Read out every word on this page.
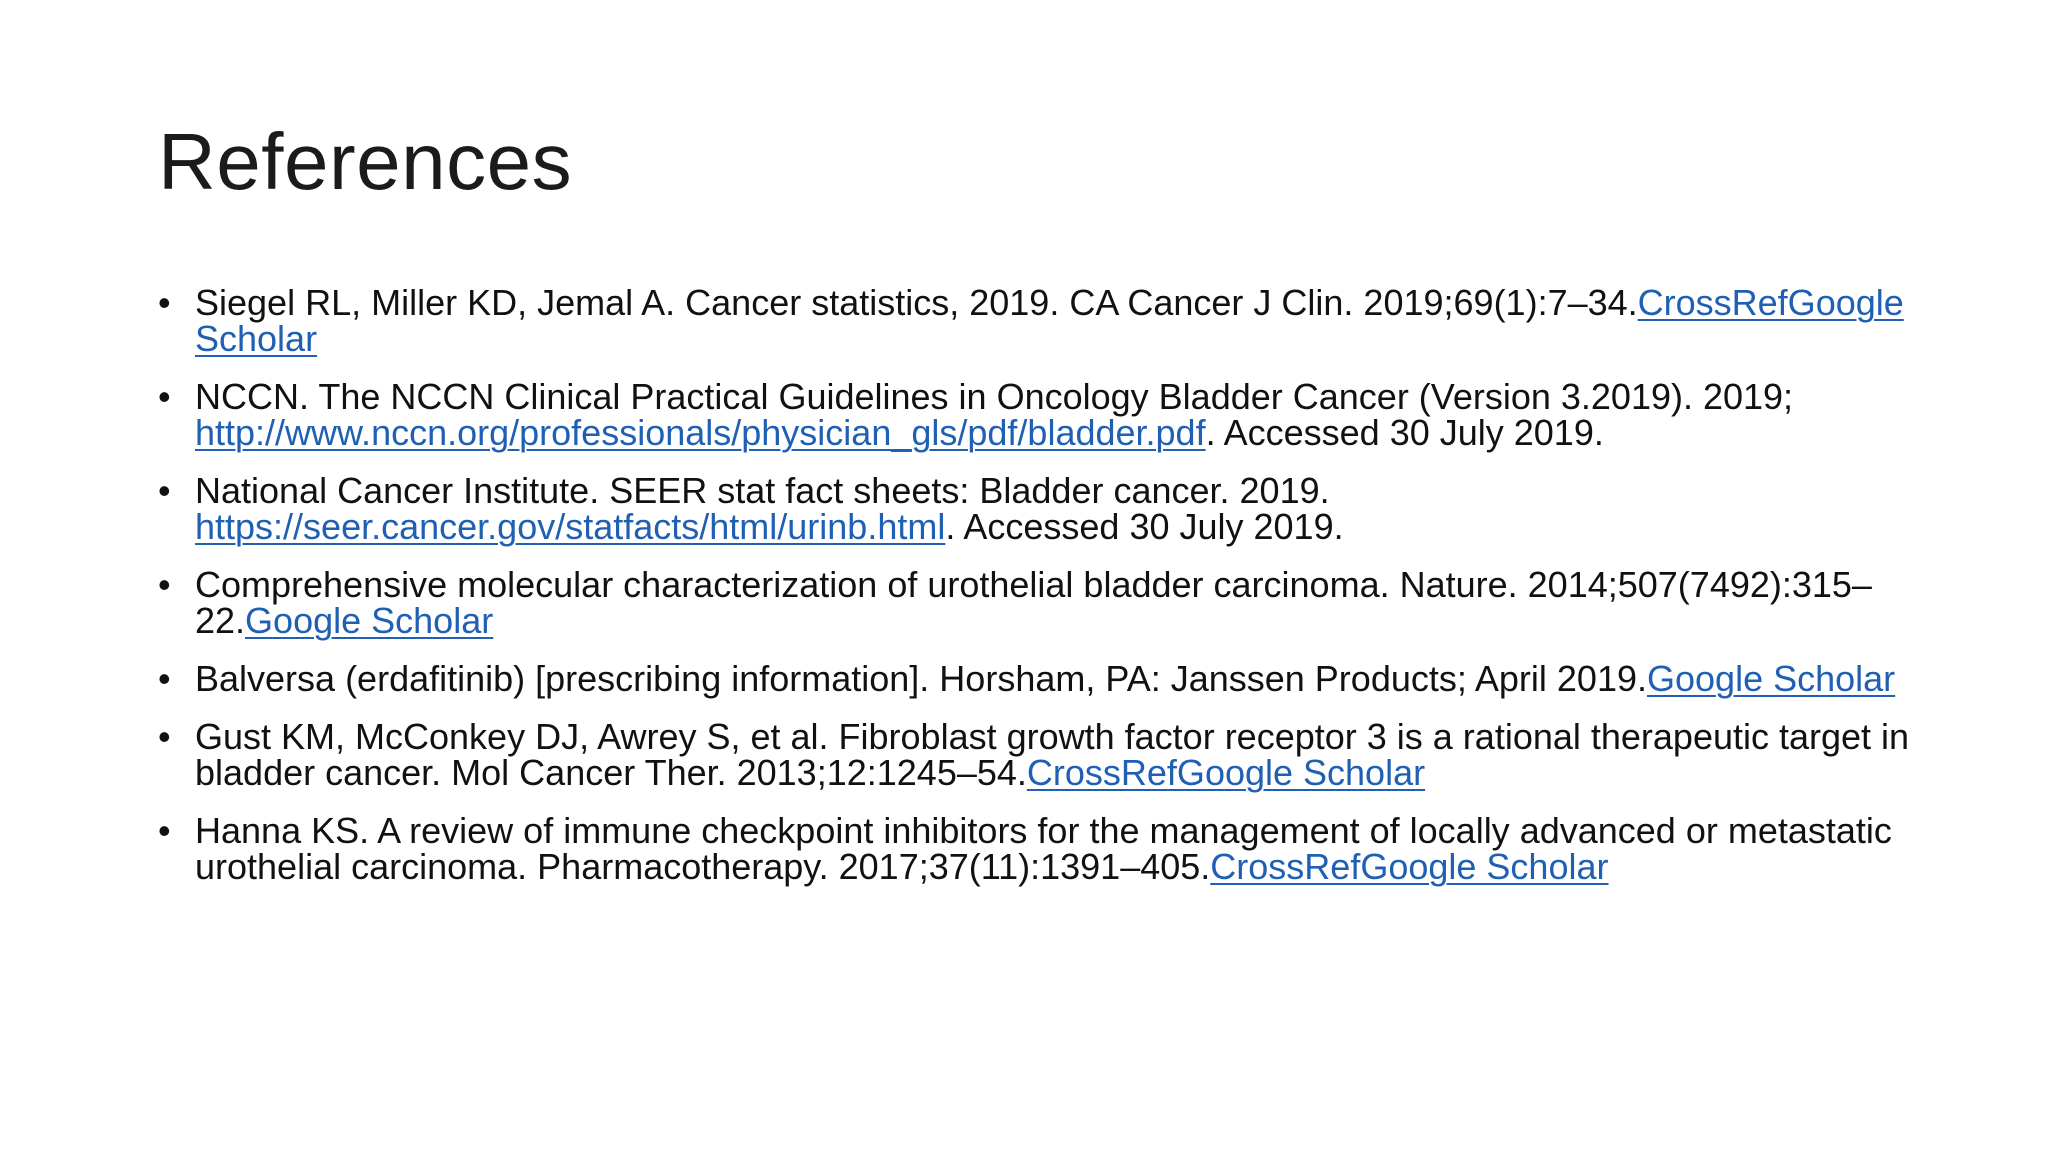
References
• Siegel RL, Miller KD, Jemal A. Cancer statistics, 2019. CA Cancer J Clin. 2019;69(1):7–34.CrossRefGoogle Scholar
• NCCN. The NCCN Clinical Practical Guidelines in Oncology Bladder Cancer (Version 3.2019). 2019; http://www.nccn.org/professionals/physician_gls/pdf/bladder.pdf. Accessed 30 July 2019.
• National Cancer Institute. SEER stat fact sheets: Bladder cancer. 2019. https://seer.cancer.gov/statfacts/html/urinb.html. Accessed 30 July 2019.
• Comprehensive molecular characterization of urothelial bladder carcinoma. Nature. 2014;507(7492):315–22.Google Scholar
• Balversa (erdafitinib) [prescribing information]. Horsham, PA: Janssen Products; April 2019.Google Scholar
• Gust KM, McConkey DJ, Awrey S, et al. Fibroblast growth factor receptor 3 is a rational therapeutic target in bladder cancer. Mol Cancer Ther. 2013;12:1245–54.CrossRefGoogle Scholar
• Hanna KS. A review of immune checkpoint inhibitors for the management of locally advanced or metastatic urothelial carcinoma. Pharmacotherapy. 2017;37(11):1391–405.CrossRefGoogle Scholar
